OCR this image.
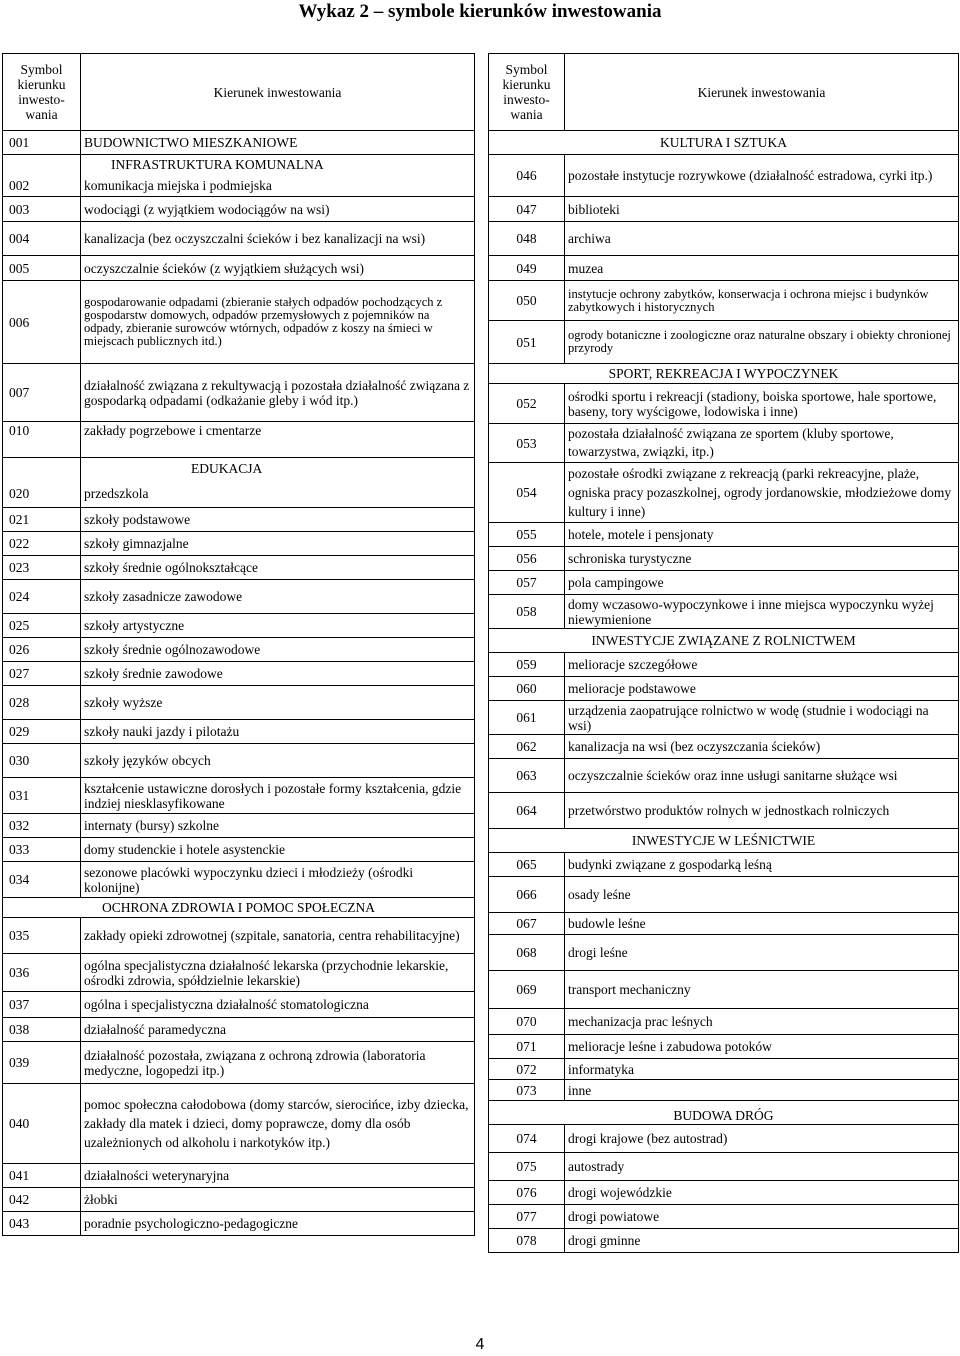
Wykaz 2 – symbole kierunków inwestowania
Symbol
kierunku
inwesto-
wania	Kierunek inwestowania
001	BUDOWNICTWO MIESZKANIOWE
	INFRASTRUKTURA KOMUNALNA
002	komunikacja miejska i podmiejska
003	wodociągi (z wyjątkiem wodociągów na wsi)
004	kanalizacja (bez oczyszczalni ścieków i bez kanalizacji na wsi)
005	oczyszczalnie ścieków (z wyjątkiem służących wsi)
006	gospodarowanie odpadami (zbieranie stałych odpadów pochodzących z gospodarstw domowych, odpadów przemysłowych z pojemników na odpady, zbieranie surowców wtórnych, odpadów z koszy na śmieci w miejscach publicznych itd.)
007	działalność związana z rekultywacją i pozostała działalność związana z gospodarką odpadami (odkażanie gleby i wód itp.)
010	zakłady pogrzebowe i cmentarze
	EDUKACJA
020	przedszkola
021	szkoły podstawowe
022	szkoły gimnazjalne
023	szkoły średnie ogólnokształcące
024	szkoły zasadnicze zawodowe
025	szkoły artystyczne
026	szkoły średnie ogólnozawodowe
027	szkoły średnie zawodowe
028	szkoły wyższe
029	szkoły nauki jazdy i pilotażu
030	szkoły języków obcych
031	kształcenie ustawiczne dorosłych i pozostałe formy kształcenia, gdzie indziej niesklasyfikowane
032	internaty (bursy) szkolne
033	domy studenckie i hotele asystenckie
034	sezonowe placówki wypoczynku dzieci i młodzieży (ośrodki kolonijne)
OCHRONA ZDROWIA I POMOC SPOŁECZNA	
035	zakłady opieki zdrowotnej (szpitale, sanatoria, centra rehabilitacyjne)
036	ogólna specjalistyczna działalność lekarska (przychodnie lekarskie, ośrodki zdrowia, spółdzielnie lekarskie)
037	ogólna i specjalistyczna działalność stomatologiczna
038	działalność paramedyczna
039	działalność pozostała, związana z ochroną zdrowia (laboratoria medyczne, logopedzi itp.)
040	pomoc społeczna całodobowa (domy starców, sierocińce, izby dziecka, zakłady dla matek i dzieci, domy poprawcze, domy dla osób uzależnionych od alkoholu i narkotyków itp.)
041	działalności weterynaryjna
042	żłobki
043	poradnie psychologiczno-pedagogiczne
Symbol
kierunku
inwesto-
wania	Kierunek inwestowania
KULTURA I SZTUKA	
046	pozostałe instytucje rozrywkowe (działalność estradowa, cyrki itp.)
047	biblioteki
048	archiwa
049	muzea
050	instytucje ochrony zabytków, konserwacja i ochrona miejsc i budynków zabytkowych i historycznych
051	ogrody botaniczne i zoologiczne oraz naturalne obszary i obiekty chronionej przyrody
SPORT, REKREACJA I WYPOCZYNEK	
052	ośrodki sportu i rekreacji (stadiony, boiska sportowe, hale sportowe, baseny, tory wyścigowe, lodowiska i inne)
053	pozostała działalność związana ze sportem (kluby sportowe, towarzystwa, związki, itp.)
054	pozostałe ośrodki związane z rekreacją (parki rekreacyjne, plaże, ogniska pracy pozaszkolnej, ogrody jordanowskie, młodzieżowe domy kultury i inne)
055	hotele, motele i pensjonaty
056	schroniska turystyczne
057	pola campingowe
058	domy wczasowo-wypoczynkowe i inne miejsca wypoczynku wyżej niewymienione
INWESTYCJE ZWIĄZANE Z ROLNICTWEM	
059	melioracje szczegółowe
060	melioracje podstawowe
061	urządzenia zaopatrujące rolnictwo w wodę (studnie i wodociągi na wsi)
062	kanalizacja na wsi (bez oczyszczania ścieków)
063	oczyszczalnie ścieków oraz inne usługi sanitarne służące wsi
064	przetwórstwo produktów rolnych w jednostkach rolniczych
INWESTYCJE W LEŚNICTWIE	
065	budynki związane z gospodarką leśną
066	osady leśne
067	budowle leśne
068	drogi leśne
069	transport mechaniczny
070	mechanizacja prac leśnych
071	melioracje leśne i zabudowa potoków
072	informatyka
073	inne
BUDOWA DRÓG	
074	drogi krajowe (bez autostrad)
075	autostrady
076	drogi wojewódzkie
077	drogi powiatowe
078	drogi gminne
4
